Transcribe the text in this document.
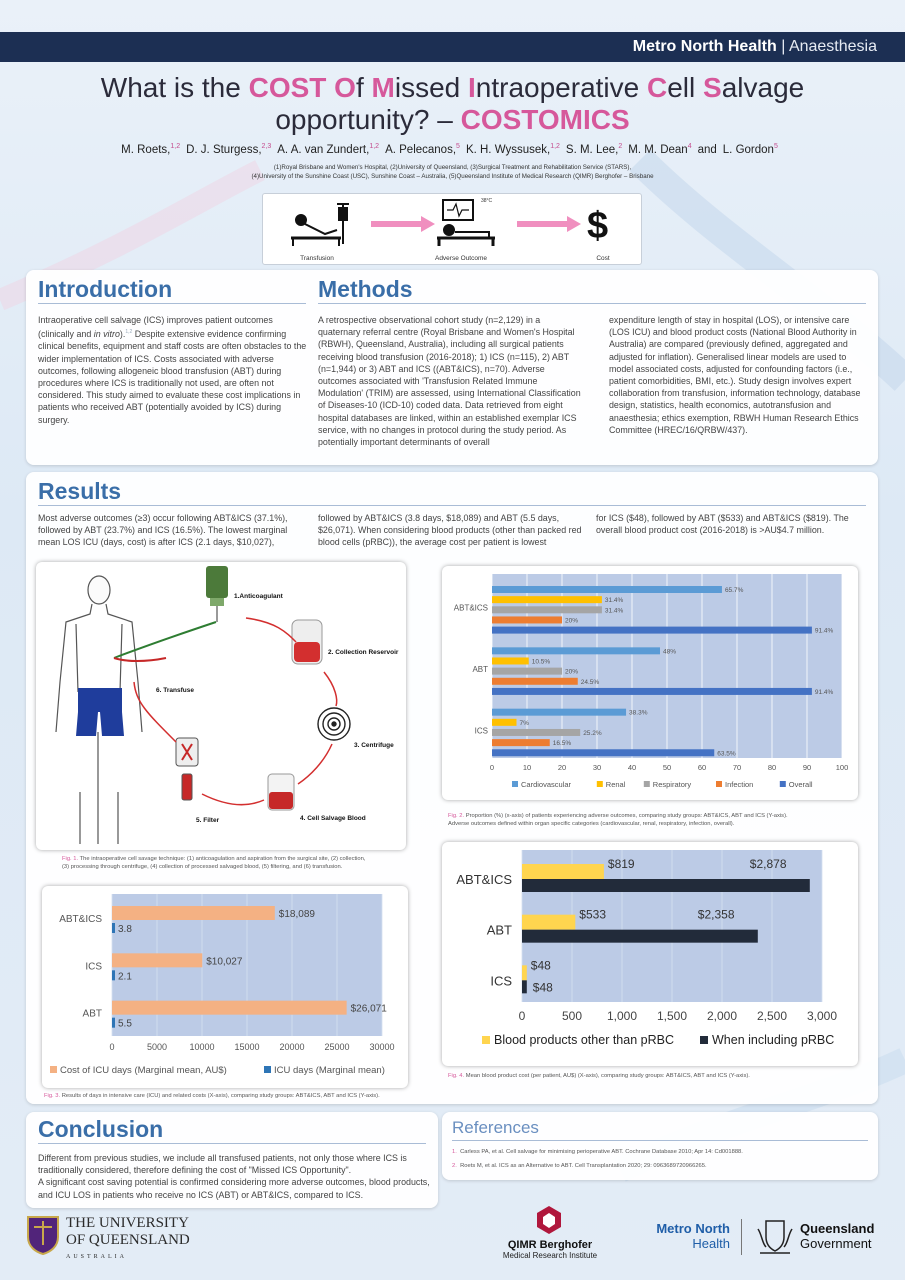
Metro North Health | Anaesthesia
What is the COST Of Missed Intraoperative Cell Salvage
opportunity? – COSTOMICS
M. Roets,$^{1,2}$ D. J. Sturgess,$^{2,3}$ A. A. van Zundert,$^{1,2}$ A. Pelecanos,$^5$ K. H. Wyssusek,$^{1,2}$ S. M. Lee,$^2$ M. M. Dean$^4$ and L. Gordon$^5$
(1)Royal Brisbane and Women's Hospital, (2)University of Queensland, (3)Surgical Treatment and Rehabilitation Service (STARS),
(4)University of the Sunshine Coast (USC), Sunshine Coast – Australia, (5)Queensland Institute of Medical Research (QIMR) Berghofer – Brisbane
38°C
$
Transfusion	Adverse Outcome	Cost
Introduction
Intraoperative cell salvage (ICS) improves patient outcomes (clinically and in vitro).$^{1,2}$ Despite extensive evidence confirming clinical benefits, equipment and staff costs are often obstacles to the wider implementation of ICS. Costs associated with adverse outcomes, following allogeneic blood transfusion (ABT) during procedures where ICS is traditionally not used, are often not considered. This study aimed to evaluate these cost implications in patients who received ABT (potentially avoided by ICS) during surgery.
Methods
A retrospective observational cohort study (n=2,129) in a quaternary referral centre (Royal Brisbane and Women's Hospital (RBWH), Queensland, Australia), including all surgical patients receiving blood transfusion (2016-2018); 1) ICS (n=115), 2) ABT (n=1,944) or 3) ABT and ICS ((ABT&ICS), n=70). Adverse outcomes associated with 'Transfusion Related Immune Modulation' (TRIM) are assessed, using International Classification of Diseases-10 (ICD-10) coded data. Data retrieved from eight hospital databases are linked, within an established exemplar ICS service, with no changes in protocol during the study period. As potentially important determinants of overall
expenditure length of stay in hospital (LOS), or intensive care (LOS ICU) and blood product costs (National Blood Authority in Australia) are compared (previously defined, aggregated and adjusted for inflation). Generalised linear models are used to model associated costs, adjusted for confounding factors (i.e., patient comorbidities, BMI, etc.). Study design involves expert collaboration from transfusion, information technology, database design, statistics, health economics, autotransfusion and anaesthesia; ethics exemption, RBWH Human Research Ethics Committee (HREC/16/QRBW/437).
Results
Most adverse outcomes (≥3) occur following ABT&ICS (37.1%), followed by ABT (23.7%) and ICS (16.5%). The lowest marginal mean LOS ICU (days, cost) is after ICS (2.1 days, $10,027),
followed by ABT&ICS (3.8 days, $18,089) and ABT (5.5 days, $26,071). When considering blood products (other than packed red blood cells (pRBC)), the average cost per patient is lowest
for ICS ($48), followed by ABT ($533) and ABT&ICS ($819). The overall blood product cost (2016-2018) is >AU$4.7 million.
1.Anticoagulant
2. Collection Reservoir
3. Centrifuge
4. Cell Salvage Blood
5. Filter
6. Transfuse
Fig. 1. The intraoperative cell savage technique: (1) anticoagulation and aspiration from the surgical site, (2) collection,
(3) processing through centrifuge, (4) collection of processed salvaged blood, (5) filtering, and (6) transfusion.
0	10	20	30	40	50	60	70	80	90	100
65.7%
31.4%
31.4%
20%
91.4%
ABT&ICS
48%
10.5%
20%
24.5%
91.4%
ABT
38.3%
7%
25.2%
16.5%
63.5%
ICS
Cardiovascular	Renal	Respiratory	Infection	Overall
Fig. 2. Proportion (%) (x-axis) of patients experiencing adverse outcomes, comparing study groups: ABT&ICS, ABT and ICS (Y-axis).
Adverse outcomes defined within organ specific categories (cardiovascular, renal, respiratory, infection, overall).
0	5000 10000 15000 20000 25000 30000
$18,089
3.8
ABT&ICS
$10,027
2.1
ICS
$26,071
5.5
ABT
Cost of ICU days (Marginal mean, AU$)	ICU days (Marginal mean)
Fig. 3. Results of days in intensive care (ICU) and related costs (X-axis), comparing study groups: ABT&ICS, ABT and ICS (Y-axis).
0	500 1,000 1,500 2,000 2,500 3,000
$819	$2,878
ABT&ICS
$533	$2,358
ABT
$48
$48
ICS
Blood products other than pRBC	When including pRBC
Fig. 4. Mean blood product cost (per patient, AU$) (X-axis), comparing study groups: ABT&ICS, ABT and ICS (Y-axis).
Conclusion
Different from previous studies, we include all transfused patients, not only those where ICS is traditionally considered, therefore defining the cost of "Missed ICS Opportunity".
A significant cost saving potential is confirmed considering more adverse outcomes, blood products, and ICU LOS in patients who receive no ICS (ABT) or ABT&ICS, compared to ICS.
References
1. Carless PA, et al. Cell salvage for minimising perioperative ABT. Cochrane Database 2010; Apr 14: Cd001888.
2. Roets M, et al. ICS as an Alternative to ABT. Cell Transplantation 2020; 29: 0963689720966265.
THE UNIVERSITY
OF QUEENSLAND
AUSTRALIA
QIMR Berghofer
Medical Research Institute
Metro North
Health
Queensland
Government
